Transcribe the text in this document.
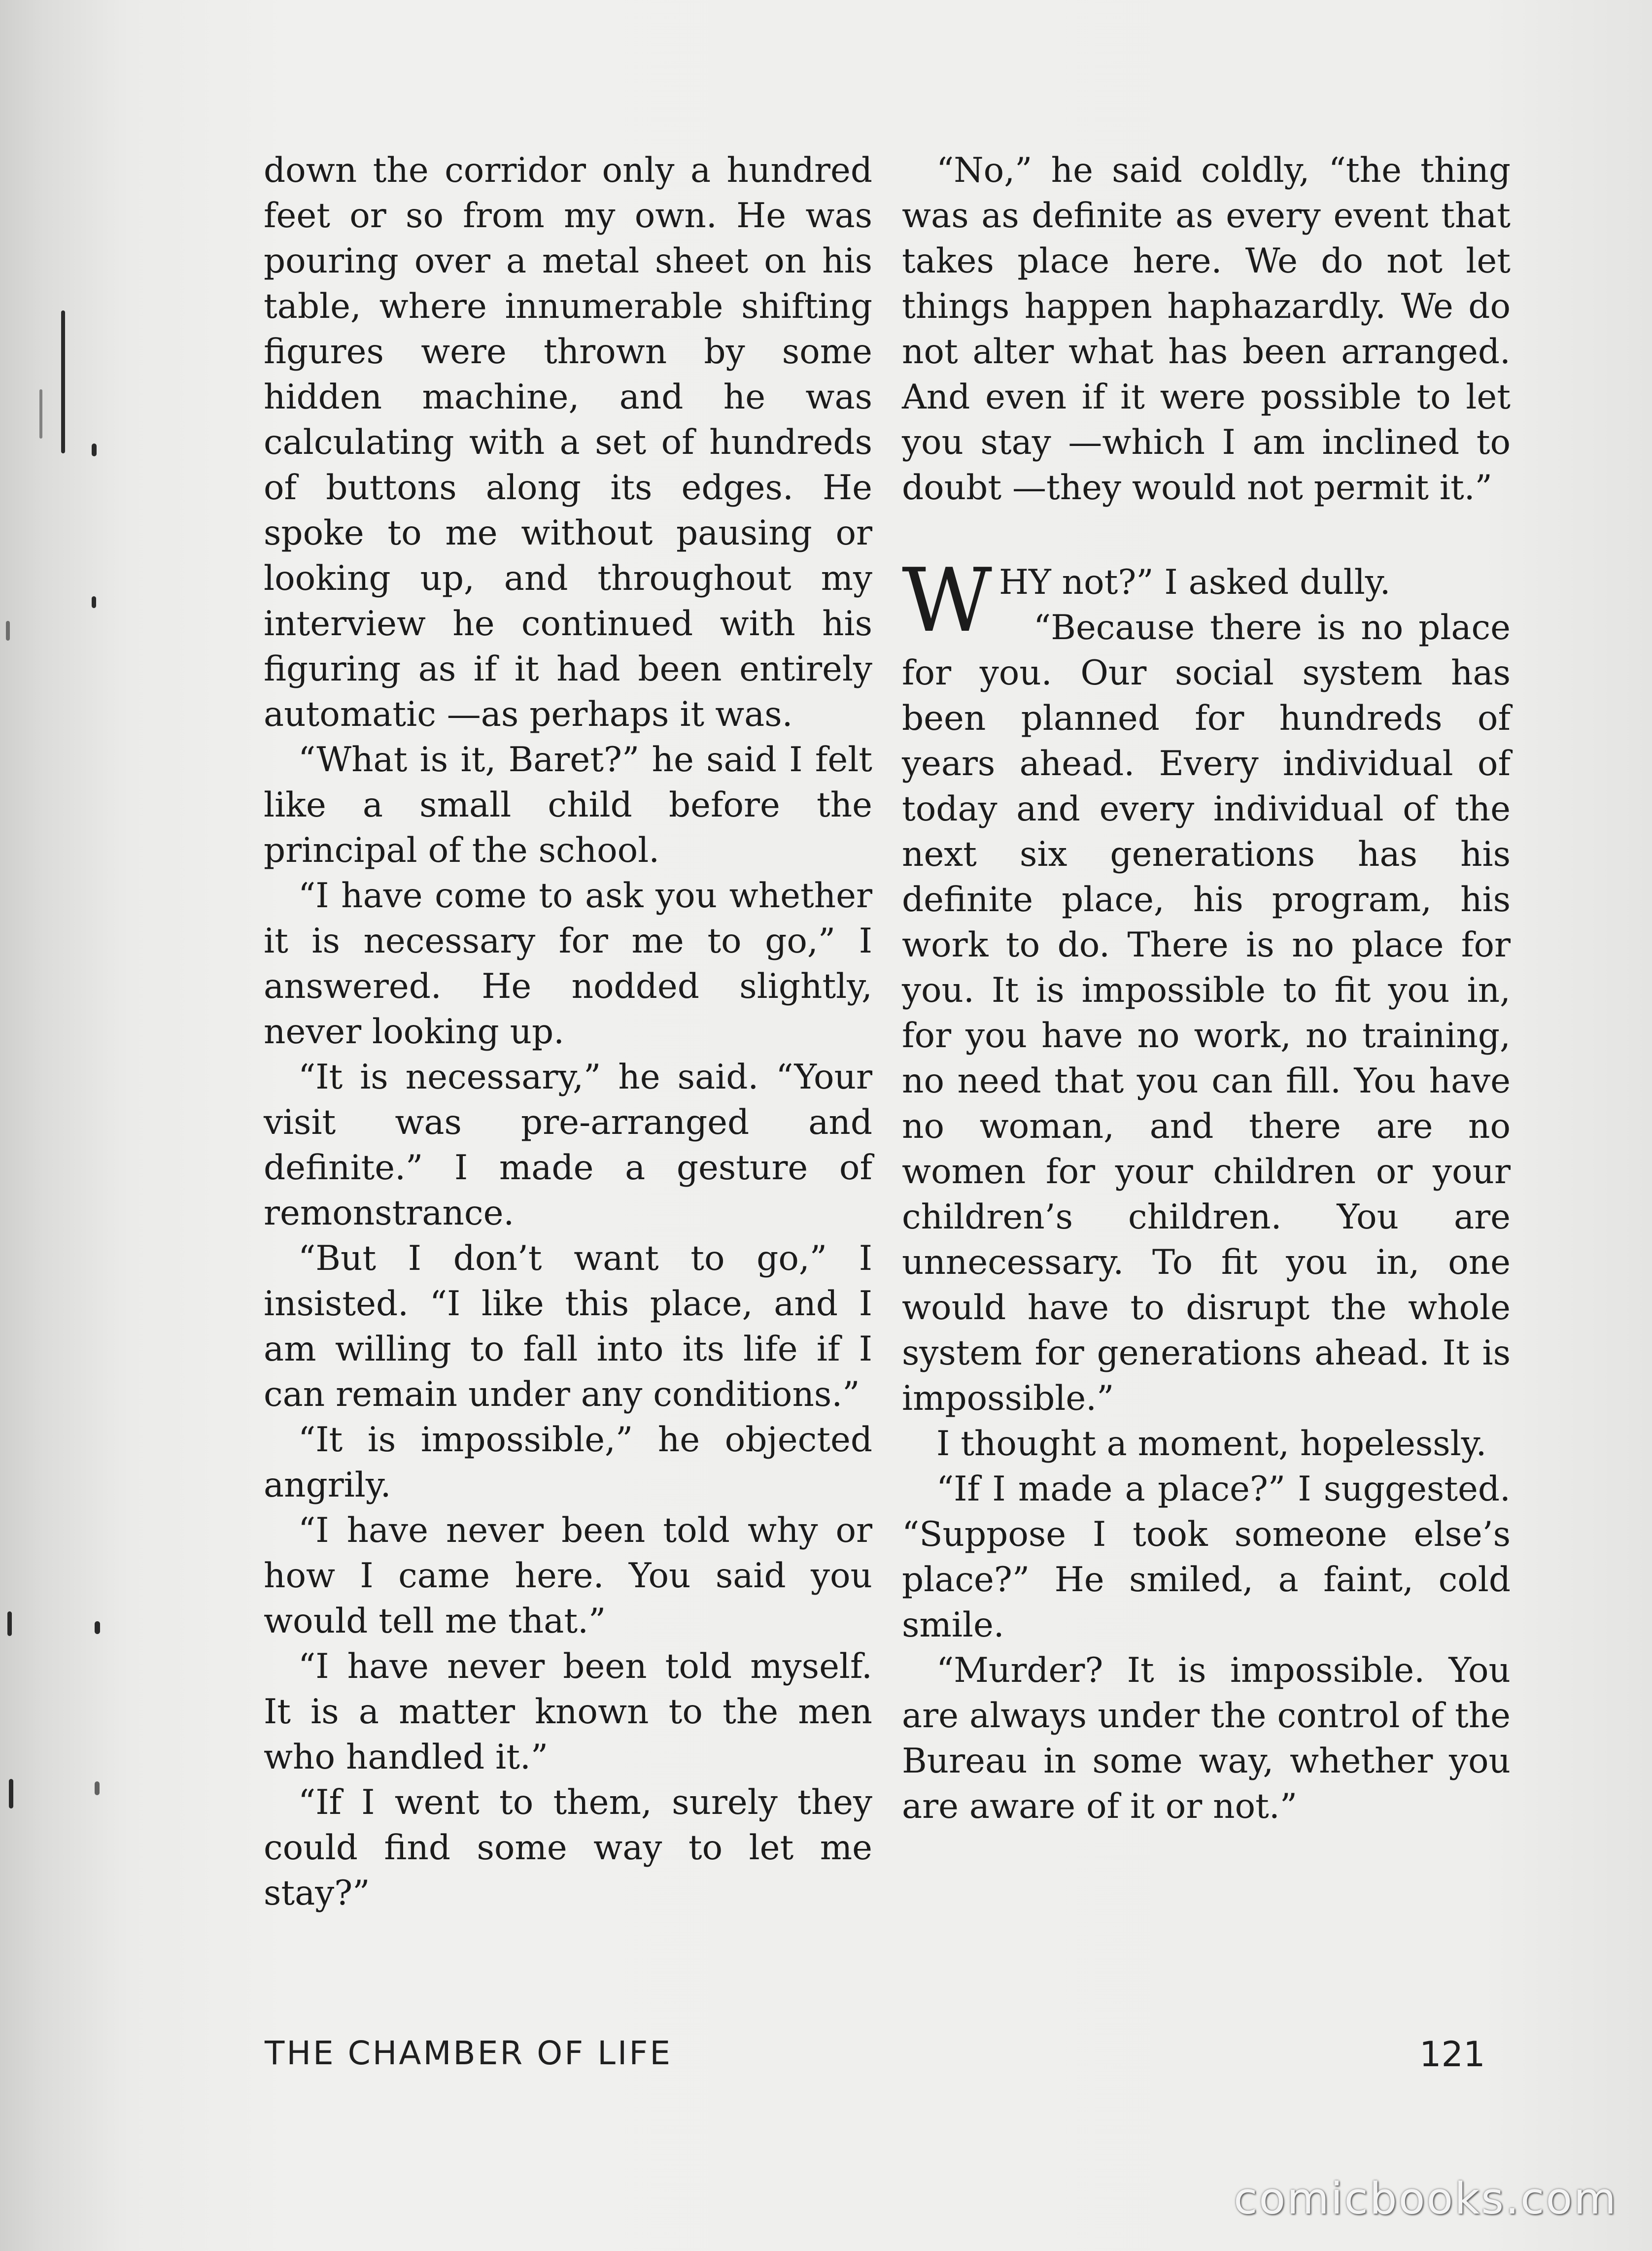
down the corridor only a hundred feet or so from my own. He was pouring over a metal sheet on his table, where innumerable shifting figures were thrown by some hidden machine, and he was calculating with a set of hundreds of buttons along its edges. He spoke to me without pausing or looking up, and throughout my interview he continued with his figuring as if it had been entirely automatic —as perhaps it was.

“What is it, Baret?” he said I felt like a small child before the principal of the school.

“I have come to ask you whether it is necessary for me to go,” I answered. He nodded slightly, never looking up.

“It is necessary,” he said. “Your visit was pre-arranged and definite.” I made a gesture of remonstrance.

“But I don’t want to go,” I insisted. “I like this place, and I am willing to fall into its life if I can remain under any conditions.”

“It is impossible,” he objected angrily.

“I have never been told why or how I came here. You said you would tell me that.”

“I have never been told myself. It is a matter known to the men who handled it.”

“If I went to them, surely they could find some way to let me stay?”

“No,” he said coldly, “the thing was as definite as every event that takes place here. We do not let things happen haphazardly. We do not alter what has been arranged. And even if it were possible to let you stay —which I am inclined to doubt —they would not permit it.”

WHY not?” I asked dully.
“Because there is no place for you. Our social system has been planned for hundreds of years ahead. Every individual of today and every individual of the next six generations has his definite place, his program, his work to do. There is no place for you. It is impossible to fit you in, for you have no work, no training, no need that you can fill. You have no woman, and there are no women for your children or your children’s children. You are unnecessary. To fit you in, one would have to disrupt the whole system for generations ahead. It is impossible.”

I thought a moment, hopelessly.

“If I made a place?” I suggested. “Suppose I took someone else’s place?” He smiled, a faint, cold smile.

“Murder? It is impossible. You are always under the control of the Bureau in some way, whether you are aware of it or not.”

THE CHAMBER OF LIFE	121
comicbooks.com
